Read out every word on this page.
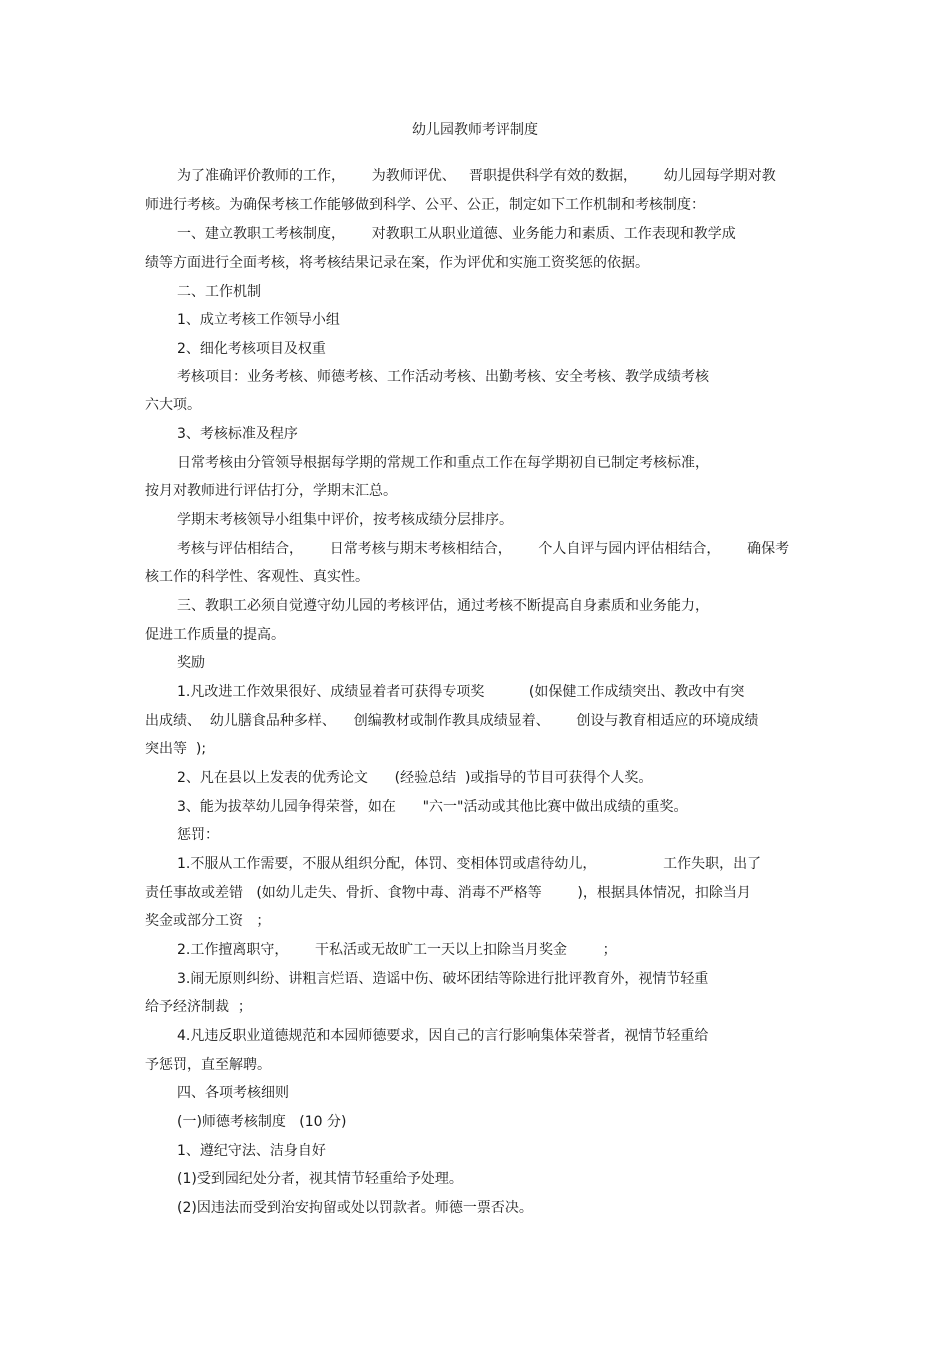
幼儿园教师考评制度
为了准确评价教师的工作，      为教师评优、   晋职提供科学有效的数据，      幼儿园每学期对教
师进行考核。为确保考核工作能够做到科学、公平、公正，制定如下工作机制和考核制度：
一、建立教职工考核制度，      对教职工从职业道德、业务能力和素质、工作表现和教学成
绩等方面进行全面考核，将考核结果记录在案，作为评优和实施工资奖惩的依据。
二、工作机制
1、成立考核工作领导小组
2、细化考核项目及权重
考核项目：业务考核、师德考核、工作活动考核、出勤考核、安全考核、教学成绩考核
六大项。
3、考核标准及程序
日常考核由分管领导根据每学期的常规工作和重点工作在每学期初自已制定考核标准，
按月对教师进行评估打分，学期末汇总。
学期末考核领导小组集中评价，按考核成绩分层排序。
考核与评估相结合，      日常考核与期末考核相结合，      个人自评与园内评估相结合，      确保考
核工作的科学性、客观性、真实性。
三、教职工必须自觉遵守幼儿园的考核评估，通过考核不断提高自身素质和业务能力，
促进工作质量的提高。
奖励
1.凡改进工作效果很好、成绩显着者可获得专项奖          (如保健工作成绩突出、教改中有突
出成绩、  幼儿膳食品种多样、    创编教材或制作教具成绩显着、      创设与教育相适应的环境成绩
突出等  );
2、凡在县以上发表的优秀论文      (经验总结  )或指导的节目可获得个人奖。
3、能为拔萃幼儿园争得荣誉，如在      "六一"活动或其他比赛中做出成绩的重奖。
惩罚：
1.不服从工作需要，不服从组织分配，体罚、变相体罚或虐待幼儿，               工作失职，出了
责任事故或差错   (如幼儿走失、骨折、食物中毒、消毒不严格等        )，根据具体情况，扣除当月
奖金或部分工资   ；
2.工作擅离职守，      干私活或无故旷工一天以上扣除当月奖金        ；
3.闹无原则纠纷、讲粗言烂语、造谣中伤、破坏团结等除进行批评教育外，视情节轻重
给予经济制裁  ；
4.凡违反职业道德规范和本园师德要求，因自己的言行影响集体荣誉者，视情节轻重给
予惩罚，直至解聘。
四、各项考核细则
(一)师德考核制度   (10 分)
1、遵纪守法、洁身自好
(1)受到园纪处分者，视其情节轻重给予处理。
(2)因违法而受到治安拘留或处以罚款者。师德一票否决。
